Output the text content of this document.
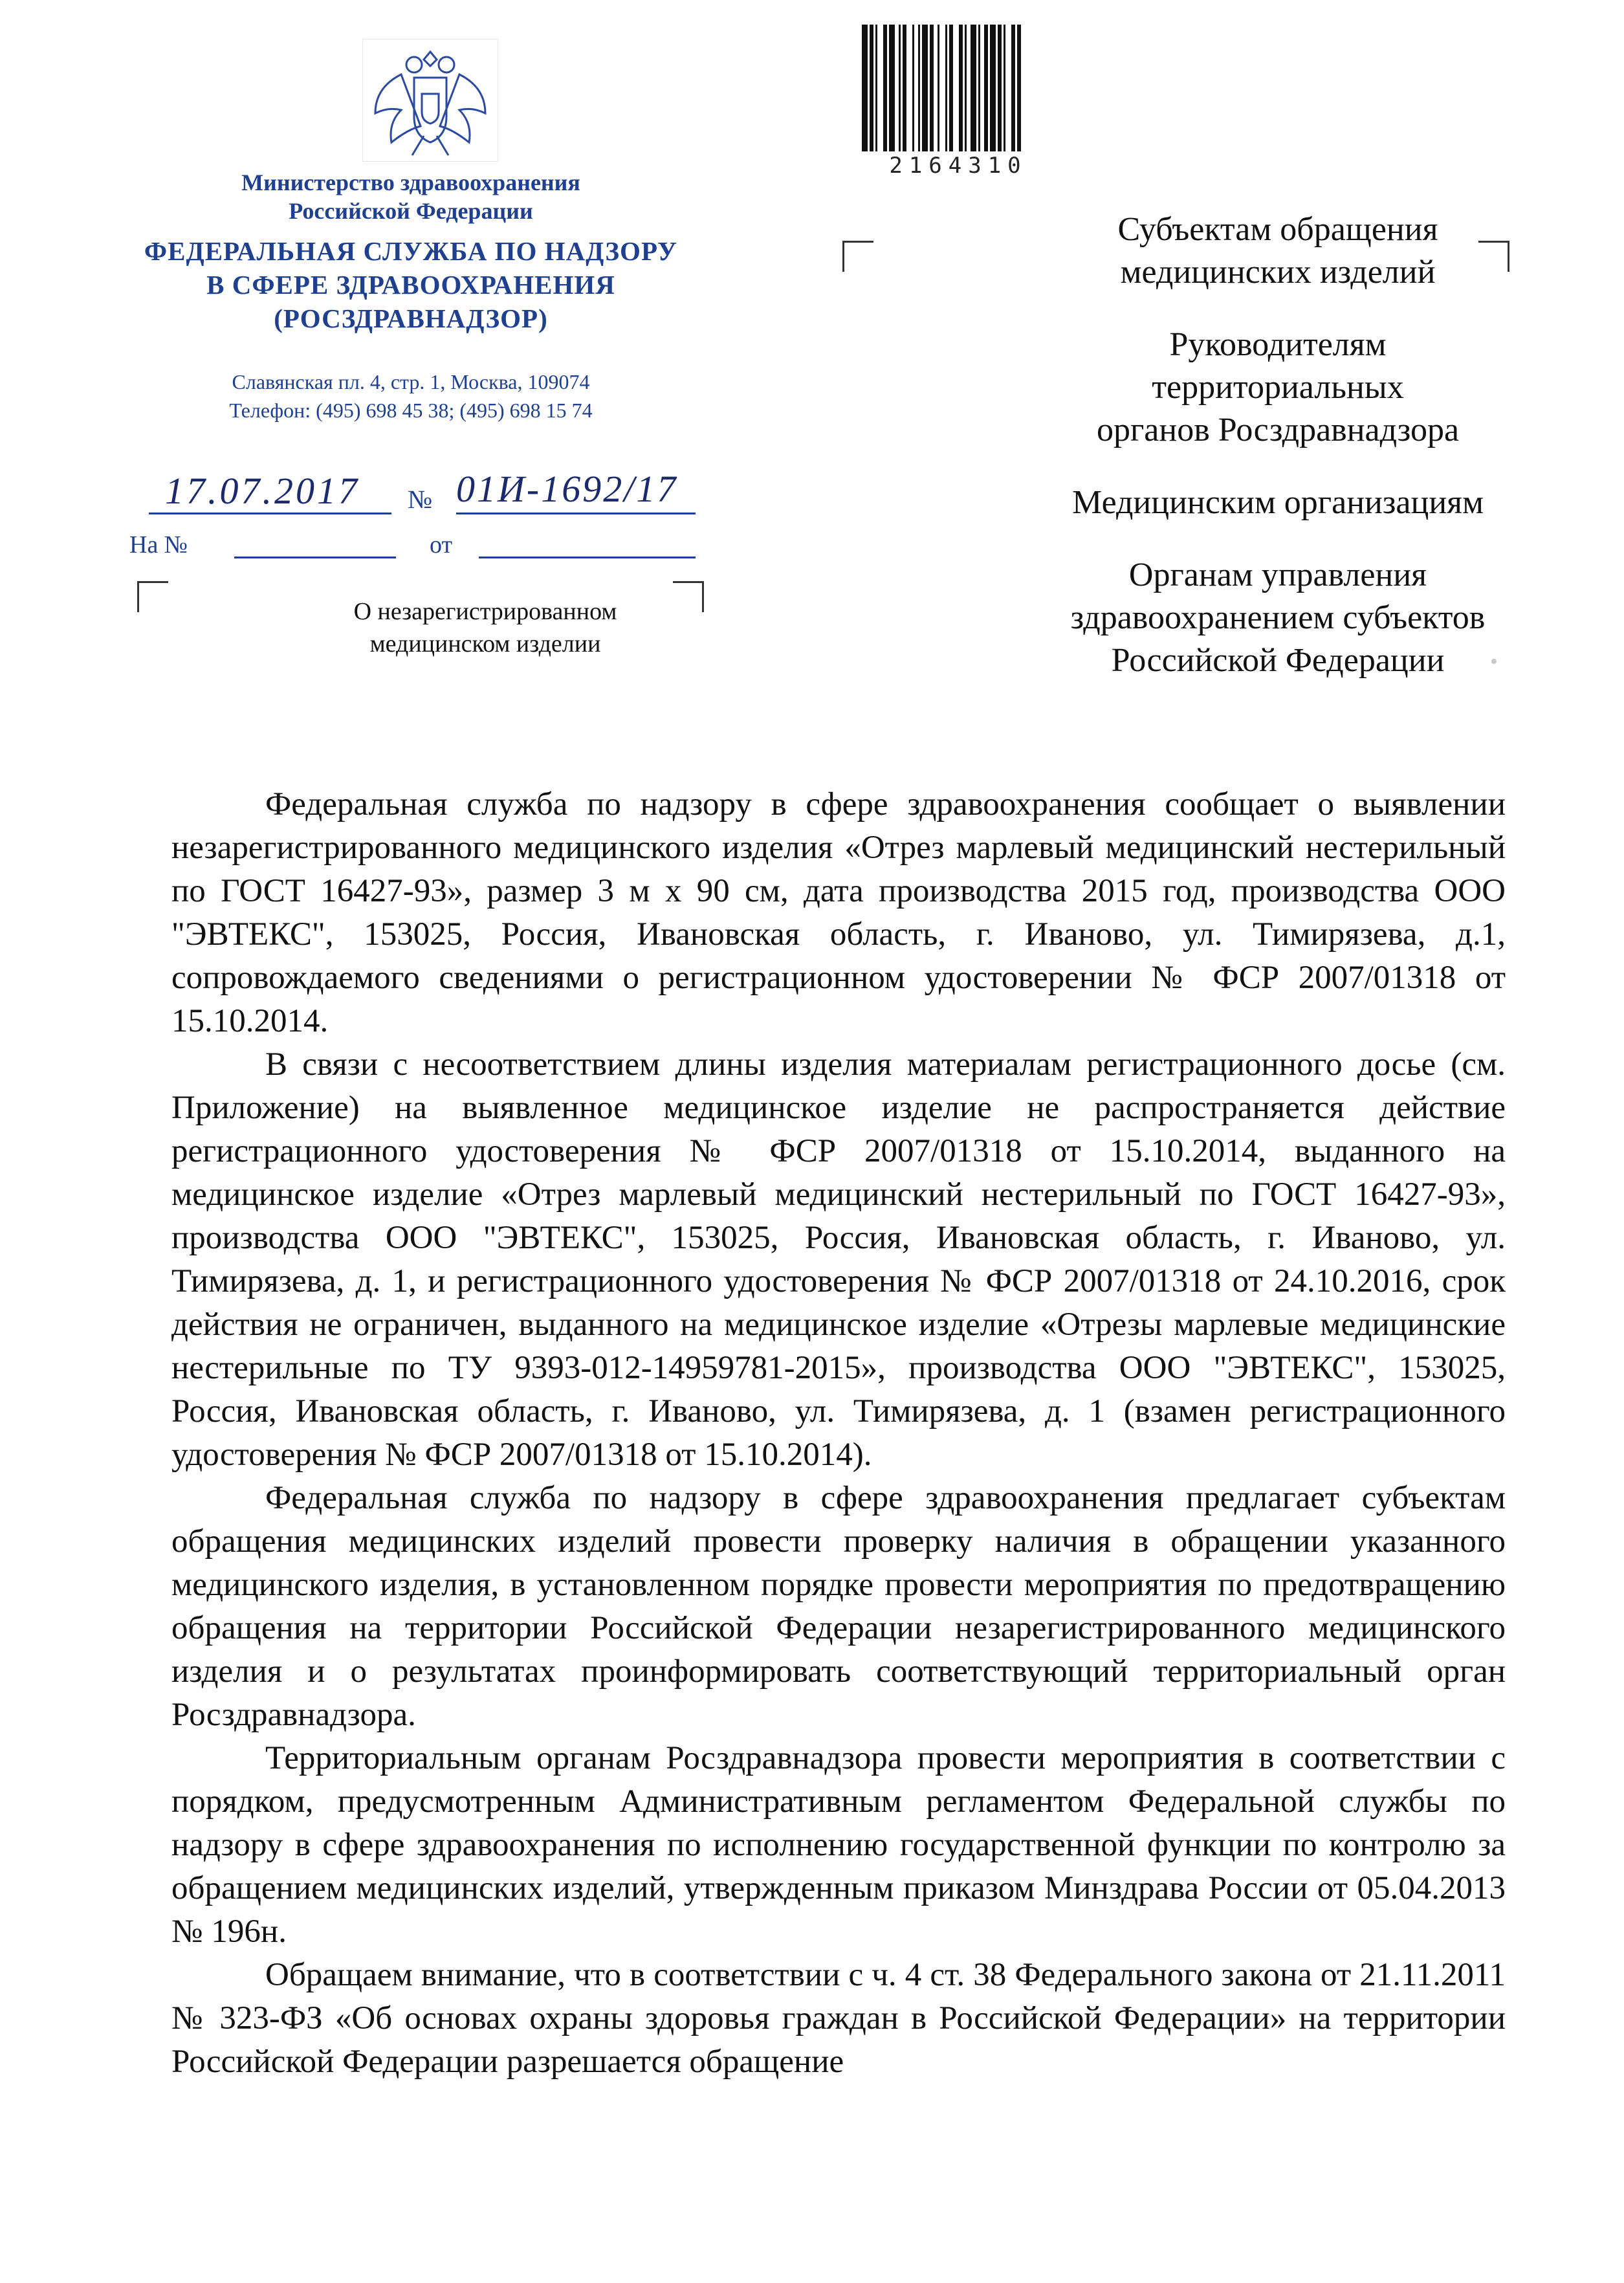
Министерство здравоохранения
Российской Федерации
ФЕДЕРАЛЬНАЯ СЛУЖБА ПО НАДЗОРУ
В СФЕРЕ ЗДРАВООХРАНЕНИЯ
(РОСЗДРАВНАДЗОР)
Славянская пл. 4, стр. 1, Москва, 109074
Телефон: (495) 698 45 38; (495) 698 15 74
17.07.2017 № 01И-1692/17
На №	от
О незарегистрированном
медицинском изделии
2164310
Субъектам обращения
медицинских изделий
Руководителям
территориальных
органов Росздравнадзора
Медицинским организациям
Органам управления
здравоохранением субъектов
Российской Федерации

Федеральная служба по надзору в сфере здравоохранения сообщает о выявлении незарегистрированного медицинского изделия «Отрез марлевый медицинский нестерильный по ГОСТ 16427-93», размер 3 м х 90 см, дата производства 2015 год, производства ООО "ЭВТЕКС", 153025, Россия, Ивановская область, г. Иваново, ул. Тимирязева, д.1, сопровождаемого сведениями о регистрационном удостоверении № ФСР 2007/01318 от 15.10.2014.

В связи с несоответствием длины изделия материалам регистрационного досье (см. Приложение) на выявленное медицинское изделие не распространяется действие регистрационного удостоверения № ФСР 2007/01318 от 15.10.2014, выданного на медицинское изделие «Отрез марлевый медицинский нестерильный по ГОСТ 16427-93», производства ООО "ЭВТЕКС", 153025, Россия, Ивановская область, г. Иваново, ул. Тимирязева, д. 1, и регистрационного удостоверения № ФСР 2007/01318 от 24.10.2016, срок действия не ограничен, выданного на медицинское изделие «Отрезы марлевые медицинские нестерильные по ТУ 9393-012-14959781-2015», производства ООО "ЭВТЕКС", 153025, Россия, Ивановская область, г. Иваново, ул. Тимирязева, д. 1 (взамен регистрационного удостоверения № ФСР 2007/01318 от 15.10.2014).

Федеральная служба по надзору в сфере здравоохранения предлагает субъектам обращения медицинских изделий провести проверку наличия в обращении указанного медицинского изделия, в установленном порядке провести мероприятия по предотвращению обращения на территории Российской Федерации незарегистрированного медицинского изделия и о результатах проинформировать соответствующий территориальный орган Росздравнадзора.

Территориальным органам Росздравнадзора провести мероприятия в соответствии с порядком, предусмотренным Административным регламентом Федеральной службы по надзору в сфере здравоохранения по исполнению государственной функции по контролю за обращением медицинских изделий, утвержденным приказом Минздрава России от 05.04.2013 № 196н.

Обращаем внимание, что в соответствии с ч. 4 ст. 38 Федерального закона от 21.11.2011 № 323-ФЗ «Об основах охраны здоровья граждан в Российской Федерации» на территории Российской Федерации разрешается обращение
